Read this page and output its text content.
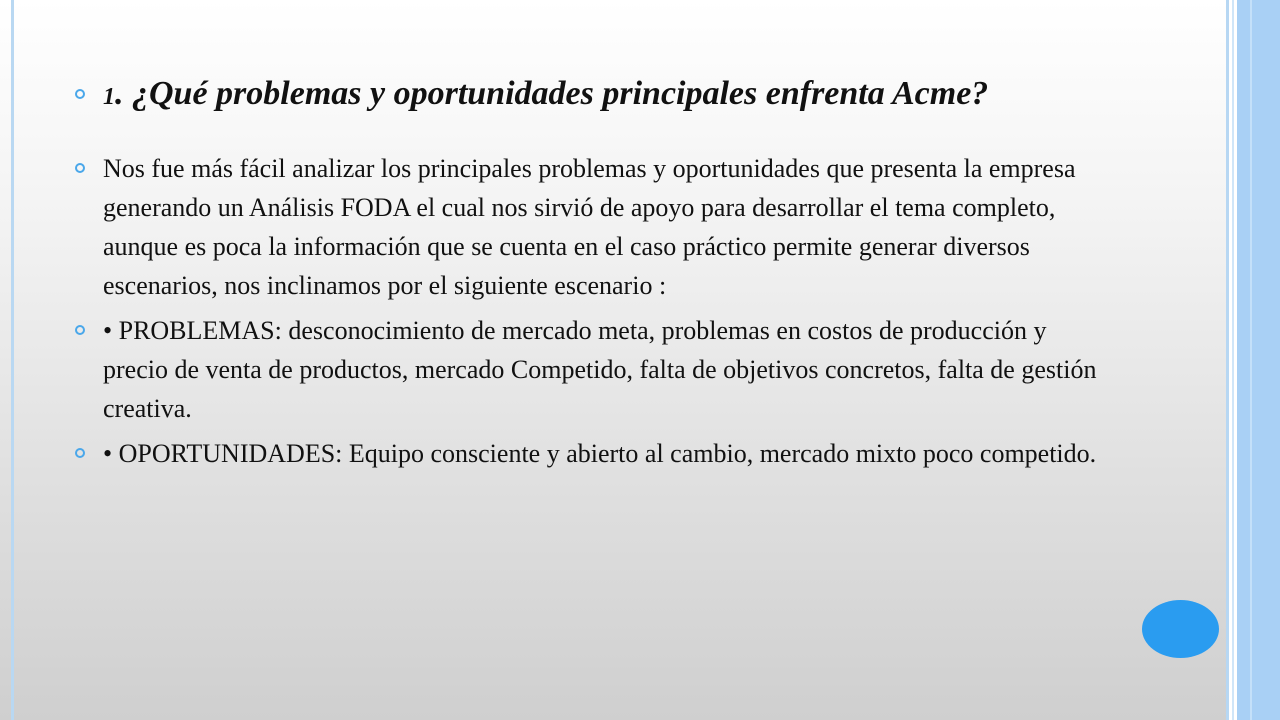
1. ¿Qué problemas y oportunidades principales enfrenta Acme?
Nos fue más fácil analizar los principales problemas y oportunidades que presenta la empresa generando un Análisis FODA el cual nos sirvió de apoyo para desarrollar el tema completo, aunque es poca la información que se cuenta en el caso práctico permite generar diversos escenarios, nos inclinamos por el siguiente escenario :
• PROBLEMAS: desconocimiento de mercado meta, problemas en costos de producción y precio de venta de productos, mercado Competido, falta de objetivos concretos, falta de gestión creativa.
• OPORTUNIDADES: Equipo consciente y abierto al cambio, mercado mixto poco competido.
